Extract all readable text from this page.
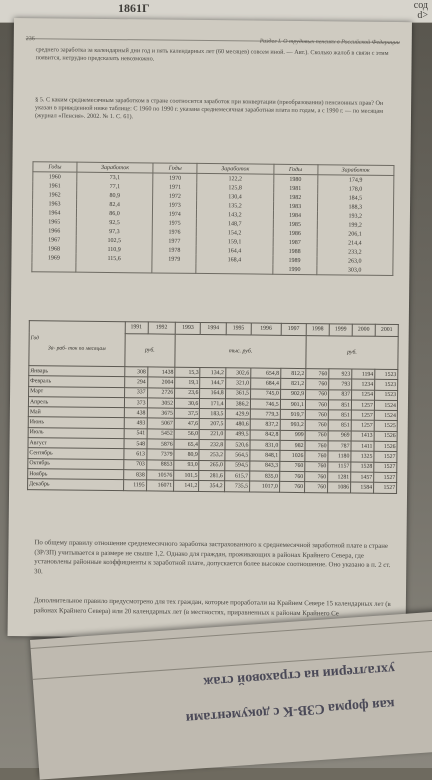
1861Г	сод
d>
236	Раздел I. О трудовых пенсиях в Российской Федерации
среднего заработка за календарный дни год и пять календарных лет (60 месяцев) совсем иной. — Авт.). Сколько жалоб в связи с этим появится, нетрудно предсказать невозможно.
§ 5. С каким среднемесячным заработком в стране соотносится заработок при конвертации (преобразовании) пенсионных прав? Он указан в приведенной ниже таблице: С 1960 по 1990 г. указана среднемесячная заработная плата по годам, а с 1990 г. — по месяцам (журнал «Пенсия». 2002. № 1. С. 61).
Годы	Заработок	Годы	Заработок	Годы	Заработок
1960	73,1	1970	122,2	1980	174,9
1961	77,1	1971	125,8	1981	178,0
1962	80,9	1972	130,4	1982	184,5
1963	82,4	1973	135,2	1983	188,3
1964	86,0	1974	143,2	1984	193,2
1965	92,5	1975	148,7	1985	199,2
1966	97,3	1976	154,2	1986	206,1
1967	102,5	1977	159,1	1987	214,4
1968	110,9	1978	164,4	1988	233,2
1969	115,6	1979	168,4	1989	263,0
				1990	303,0
Год
За- раб- ток по месяцам	1991	1992	1993	1994	1995	1996	1997	1998	1999	2000	2001
	руб.		тыс. руб.					руб.			
Январь	308	1438	15,3	134,2	302,6	654,8	812,2	760	923	1194	1523
Февраль	294	2004	19,1	144,7	321,0	684,4	821,2	760	793	1234	1523
Март	337	2726	23,6	164,8	361,5	745,0	902,9	760	837	1254	1523
Апрель	373	3052	30,6	171,4	386,2	746,5	901,1	760	851	1257	1524
Май	438	3675	37,5	183,5	429,9	779,3	919,7	760	851	1257	1524
Июнь	493	5067	47,6	207,5	480,6	837,2	993,2	760	851	1257	1525
Июль	541	5452	56,0	221,0	499,5	842,8	999	760	969	1413	1526
Август	548	5876	65,4	232,8	520,6	831,0	982	760	787	1411	1526
Сентябрь	613	7379	80,9	253,2	564,5	848,1	1026	760	1180	1325	1527
Октябрь	703	8853	93,0	265,0	594,5	843,3	760	760	1157	1528	1527
Ноябрь	838	10576	101,5	281,6	615,7	835,0	760	760	1281	1457	1527
Декабрь	1195	16071	141,2	354,2	735,5	1017,0	760	760	1086	1584	1527
По общему правилу отношение среднемесячного заработка застрахованного к среднемесячной заработной плате в стране (ЗР/ЗП) учитывается в размере не свыше 1,2. Однако для граждан, проживающих в районах Крайнего Севера, где установлены районные коэффициенты к заработной плате, допускается более высокое соотношение. Оно указано в п. 2 ст. 30.
Дополнительное правило предусмотрено для тех граждан, которые проработали на Крайнем Севере 15 календарных лет (в районах Крайнего Севера) или 20 календарных лет (в местностях, приравненных к районам Крайнего Се
ухгалтерии на страховой стаж
кая форма СЗВ-К с документами
